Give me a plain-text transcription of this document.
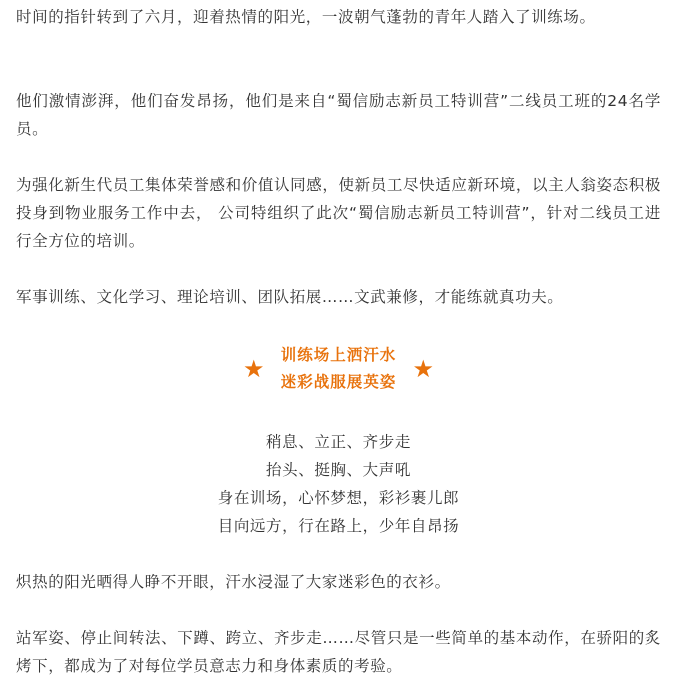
时间的指针转到了六月，迎着热情的阳光，一波朝气蓬勃的青年人踏入了训练场。

他们激情澎湃，他们奋发昂扬，他们是来自“蜀信励志新员工特训营”二线员工班的24名学员。

为强化新生代员工集体荣誉感和价值认同感，使新员工尽快适应新环境，以主人翁姿态积极投身到物业服务工作中去， 公司特组织了此次“蜀信励志新员工特训营”，针对二线员工进行全方位的培训。

军事训练、文化学习、理论培训、团队拓展……文武兼修，才能练就真功夫。

★ 训练场上洒汗水
迷彩战服展英姿 ★
稍息、立正、齐步走
抬头、挺胸、大声吼
身在训场，心怀梦想，彩衫裹儿郎
目向远方，行在路上，少年自昂扬

炽热的阳光晒得人睁不开眼，汗水浸湿了大家迷彩色的衣衫。

站军姿、停止间转法、下蹲、跨立、齐步走……尽管只是一些简单的基本动作，在骄阳的炙烤下，都成为了对每位学员意志力和身体素质的考验。
